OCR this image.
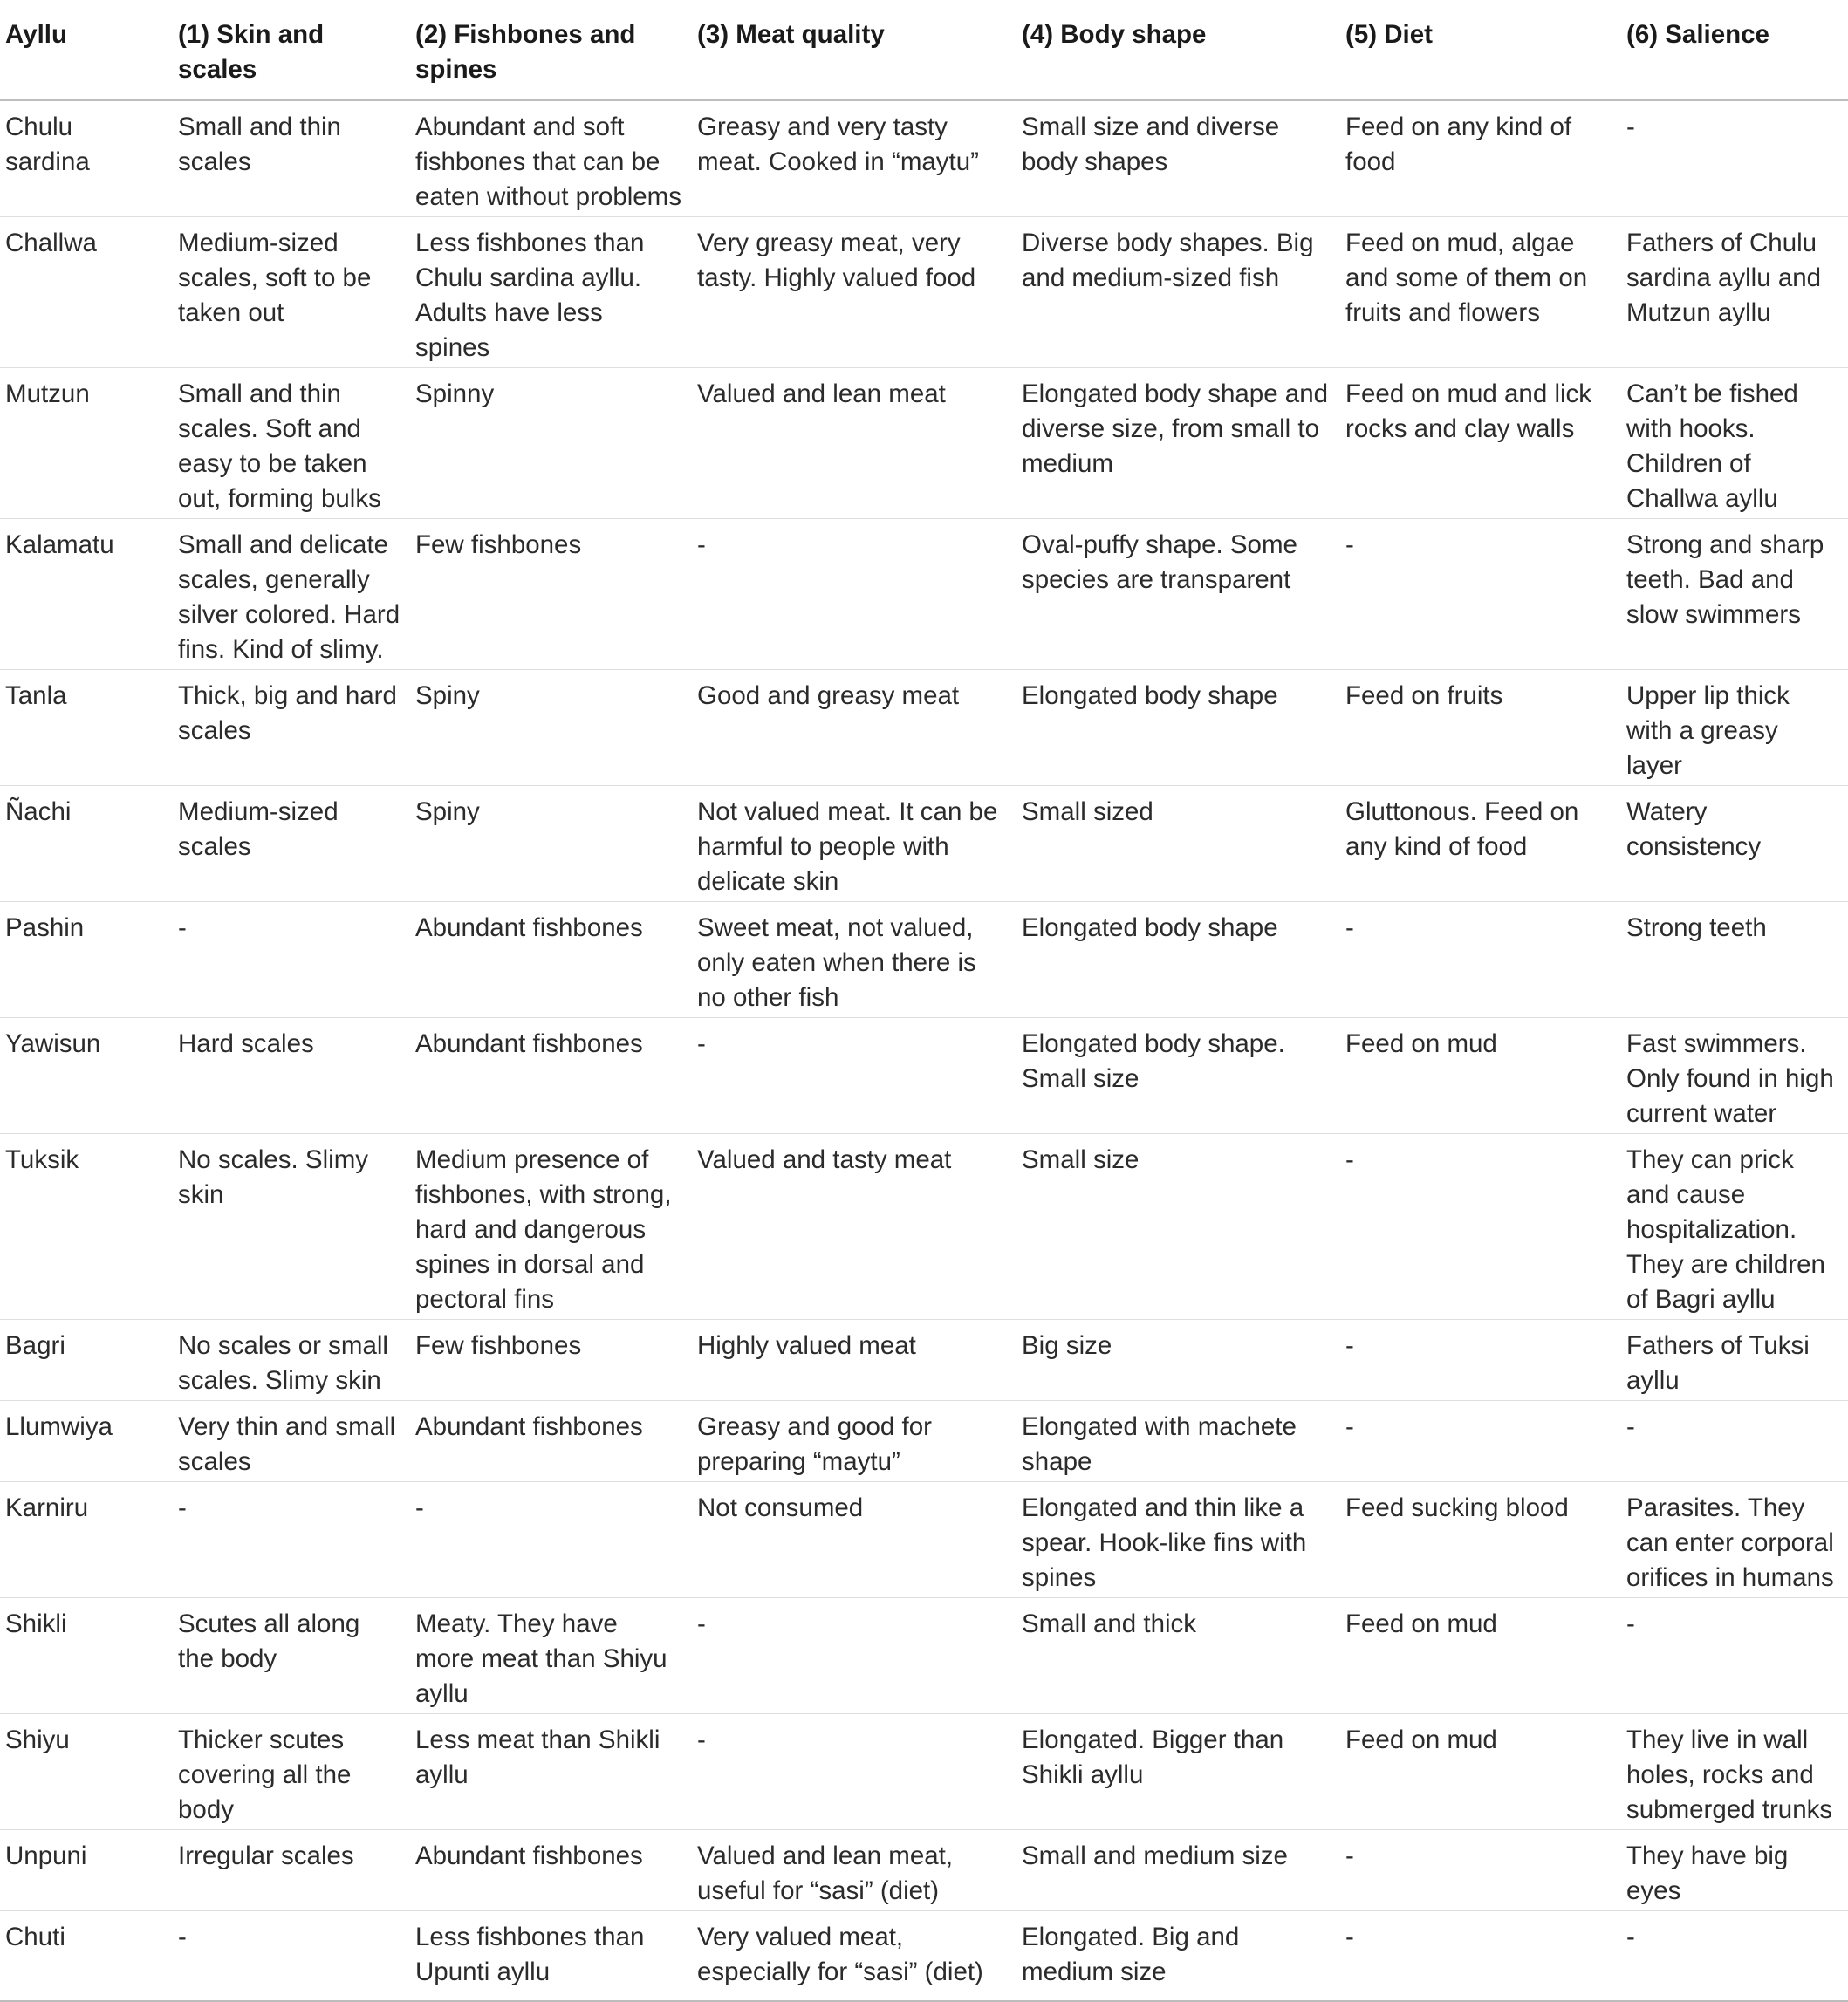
Ayllu	(1) Skin and scales	(2) Fishbones and spines	(3) Meat quality	(4) Body shape	(5) Diet	(6) Salience
Chulu sardina	Small and thin scales	Abundant and soft fishbones that can be eaten without problems	Greasy and very tasty meat. Cooked in “maytu”	Small size and diverse body shapes	Feed on any kind of food	-
Challwa	Medium-sized scales, soft to be taken out	Less fishbones than Chulu sardina ayllu. Adults have less spines	Very greasy meat, very tasty. Highly valued food	Diverse body shapes. Big and medium-sized fish	Feed on mud, algae and some of them on fruits and flowers	Fathers of Chulu sardina ayllu and Mutzun ayllu
Mutzun	Small and thin scales. Soft and easy to be taken out, forming bulks	Spinny	Valued and lean meat	Elongated body shape and diverse size, from small to medium	Feed on mud and lick rocks and clay walls	Can’t be fished with hooks. Children of Challwa ayllu
Kalamatu	Small and delicate scales, generally silver colored. Hard fins. Kind of slimy.	Few fishbones	-	Oval-puffy shape. Some species are transparent	-	Strong and sharp teeth. Bad and slow swimmers
Tanla	Thick, big and hard scales	Spiny	Good and greasy meat	Elongated body shape	Feed on fruits	Upper lip thick with a greasy layer
Ñachi	Medium-sized scales	Spiny	Not valued meat. It can be harmful to people with delicate skin	Small sized	Gluttonous. Feed on any kind of food	Watery consistency
Pashin	-	Abundant fishbones	Sweet meat, not valued, only eaten when there is no other fish	Elongated body shape	-	Strong teeth
Yawisun	Hard scales	Abundant fishbones	-	Elongated body shape. Small size	Feed on mud	Fast swimmers. Only found in high current water
Tuksik	No scales. Slimy skin	Medium presence of fishbones, with strong, hard and dangerous spines in dorsal and pectoral fins	Valued and tasty meat	Small size	-	They can prick and cause hospitalization. They are children of Bagri ayllu
Bagri	No scales or small scales. Slimy skin	Few fishbones	Highly valued meat	Big size	-	Fathers of Tuksi ayllu
Llumwiya	Very thin and small scales	Abundant fishbones	Greasy and good for preparing “maytu”	Elongated with machete shape	-	-
Karniru	-	-	Not consumed	Elongated and thin like a spear. Hook-like fins with spines	Feed sucking blood	Parasites. They can enter corporal orifices in humans
Shikli	Scutes all along the body	Meaty. They have more meat than Shiyu ayllu	-	Small and thick	Feed on mud	-
Shiyu	Thicker scutes covering all the body	Less meat than Shikli ayllu	-	Elongated. Bigger than Shikli ayllu	Feed on mud	They live in wall holes, rocks and submerged trunks
Unpuni	Irregular scales	Abundant fishbones	Valued and lean meat, useful for “sasi” (diet)	Small and medium size	-	They have big eyes
Chuti	-	Less fishbones than Upunti ayllu	Very valued meat, especially for “sasi” (diet)	Elongated. Big and medium size	-	-
